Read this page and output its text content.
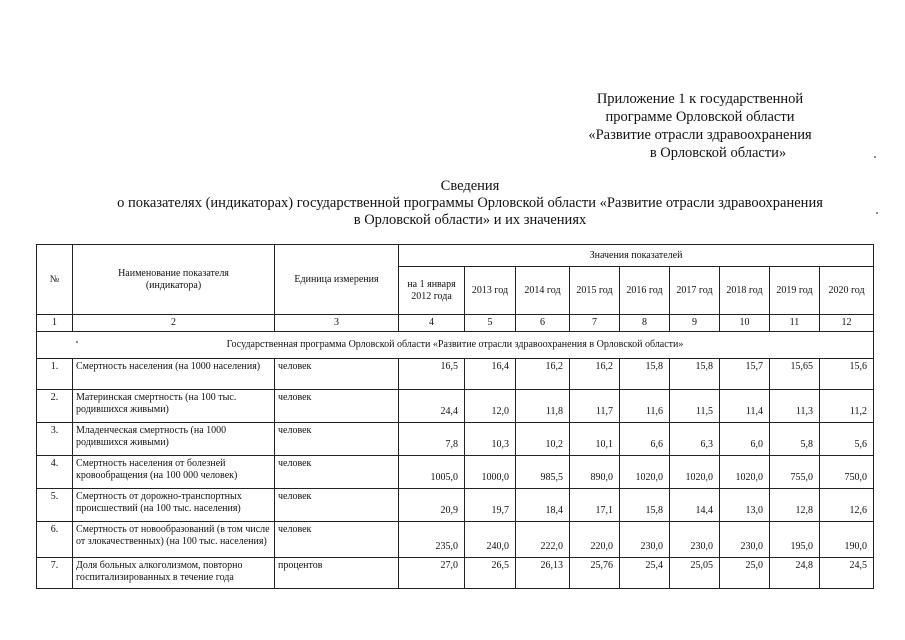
Приложение 1 к государственной
программе Орловской области
«Развитие отрасли здравоохранения
в Орловской области»
Сведения
о показателях (индикаторах) государственной программы Орловской области «Развитие отрасли здравоохранения
в Орловской области» и их значениях
№	Наименование показателя (индикатора)	Единица измерения	Значения показателей								
			на 1 января 2012 года	2013 год	2014 год	2015 год	2016 год	2017 год	2018 год	2019 год	2020 год
1	2	3	4	5	6	7	8	9	10	11	12
Государственная программа Орловской области «Развитие отрасли здравоохранения в Орловской области»											
1.	Смертность населения (на 1000 населения)	человек	16,5	16,4	16,2	16,2	15,8	15,8	15,7	15,65	15,6
2.	Материнская смертность (на 100 тыс. родившихся живыми)	человек	24,4	12,0	11,8	11,7	11,6	11,5	11,4	11,3	11,2
3.	Младенческая смертность (на 1000 родившихся живыми)	человек	7,8	10,3	10,2	10,1	6,6	6,3	6,0	5,8	5,6
4.	Смертность населения от болезней кровообращения (на 100 000 человек)	человек	1005,0	1000,0	985,5	890,0	1020,0	1020,0	1020,0	755,0	750,0
5.	Смертность от дорожно-транспортных происшествий (на 100 тыс. населения)	человек	20,9	19,7	18,4	17,1	15,8	14,4	13,0	12,8	12,6
6.	Смертность от новообразований (в том числе от злокачественных) (на 100 тыс. населения)	человек	235,0	240,0	222,0	220,0	230,0	230,0	230,0	195,0	190,0
7.	Доля больных алкоголизмом, повторно госпитализированных в течение года	процентов	27,0	26,5	26,13	25,76	25,4	25,05	25,0	24,8	24,5
